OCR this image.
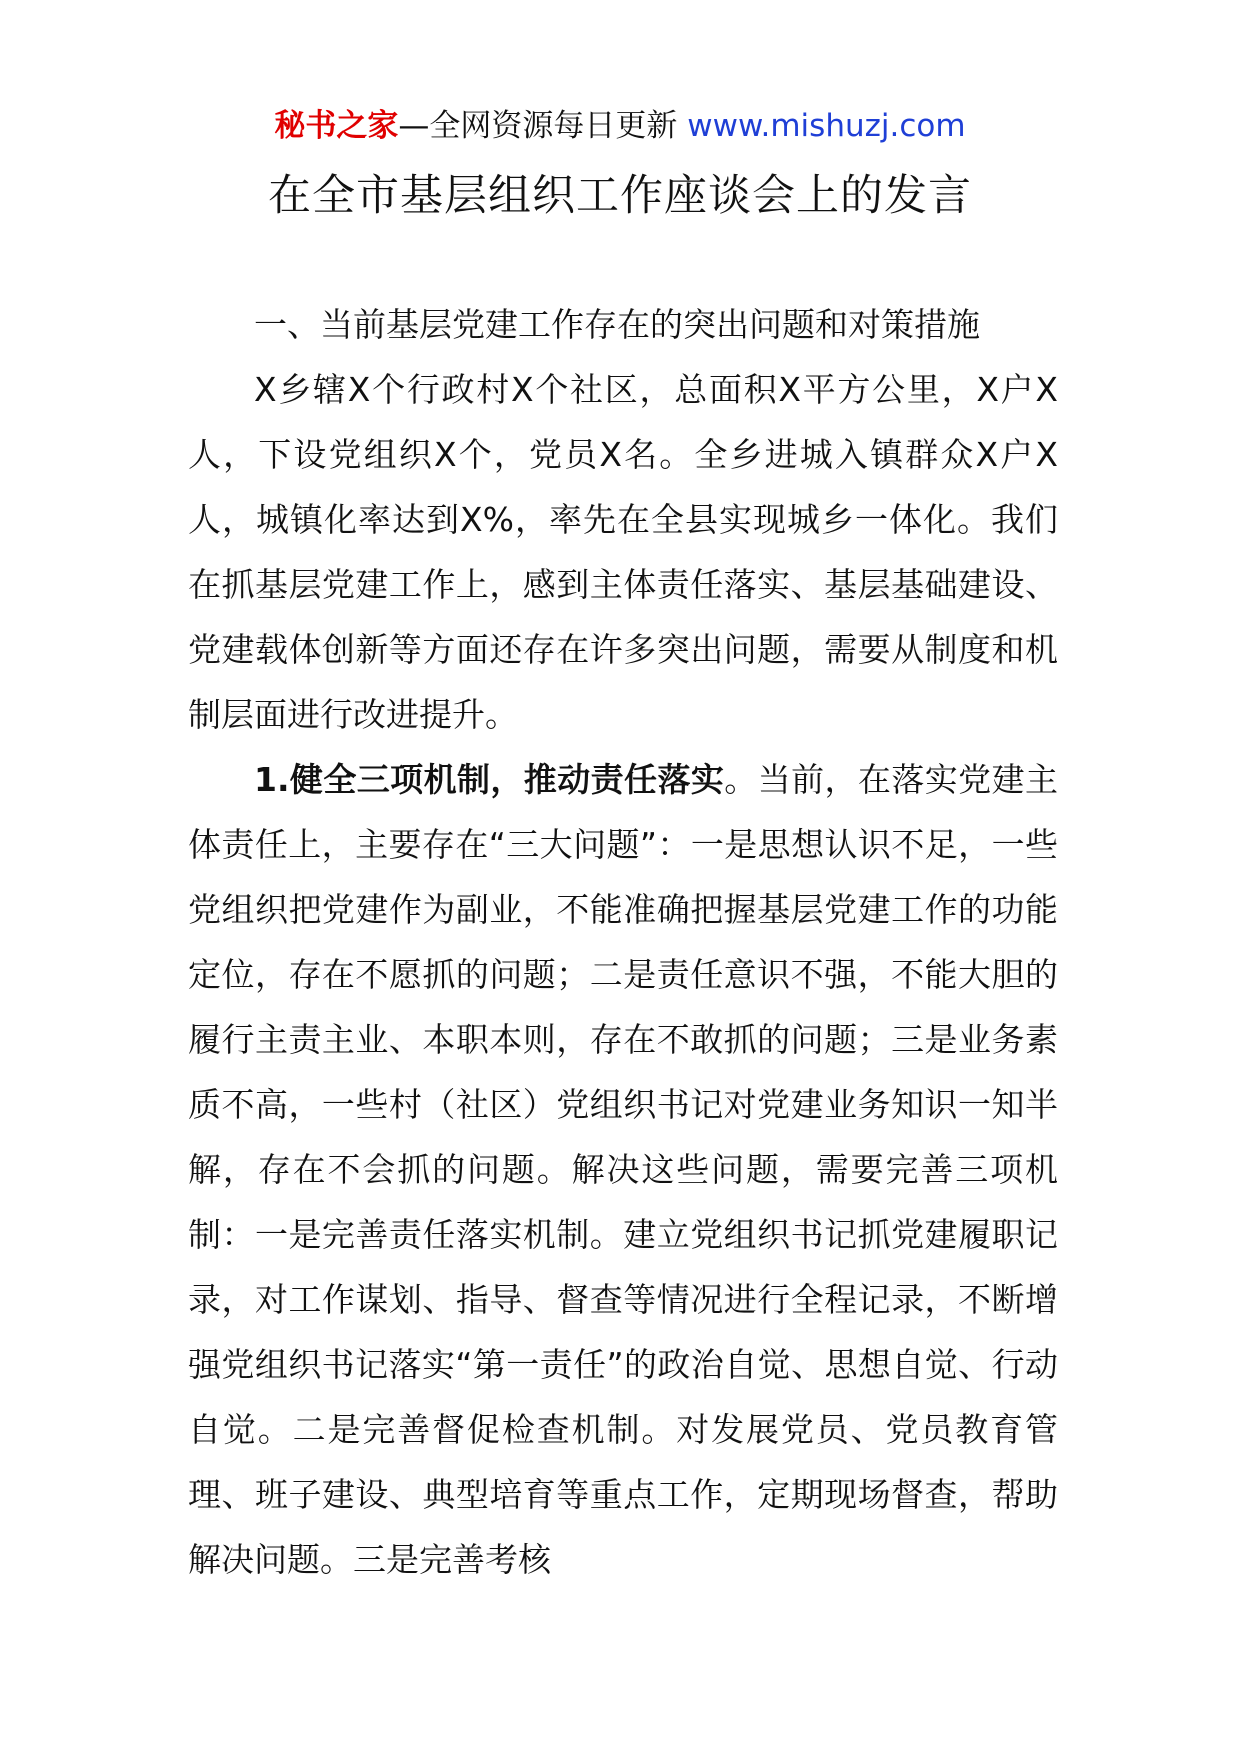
秘书之家—全网资源每日更新 www.mishuzj.com
在全市基层组织工作座谈会上的发言

一、当前基层党建工作存在的突出问题和对策措施

X乡辖X个行政村X个社区，总面积X平方公里，X户X人，下设党组织X个，党员X名。全乡进城入镇群众X户X人，城镇化率达到X%，率先在全县实现城乡一体化。我们在抓基层党建工作上，感到主体责任落实、基层基础建设、党建载体创新等方面还存在许多突出问题，需要从制度和机制层面进行改进提升。

1.健全三项机制，推动责任落实。当前，在落实党建主体责任上，主要存在“三大问题”：一是思想认识不足，一些党组织把党建作为副业，不能准确把握基层党建工作的功能定位，存在不愿抓的问题；二是责任意识不强，不能大胆的履行主责主业、本职本则，存在不敢抓的问题；三是业务素质不高，一些村（社区）党组织书记对党建业务知识一知半解，存在不会抓的问题。解决这些问题，需要完善三项机制：一是完善责任落实机制。建立党组织书记抓党建履职记录，对工作谋划、指导、督查等情况进行全程记录，不断增强党组织书记落实“第一责任”的政治自觉、思想自觉、行动自觉。二是完善督促检查机制。对发展党员、党员教育管理、班子建设、典型培育等重点工作，定期现场督查，帮助解决问题。三是完善考核
